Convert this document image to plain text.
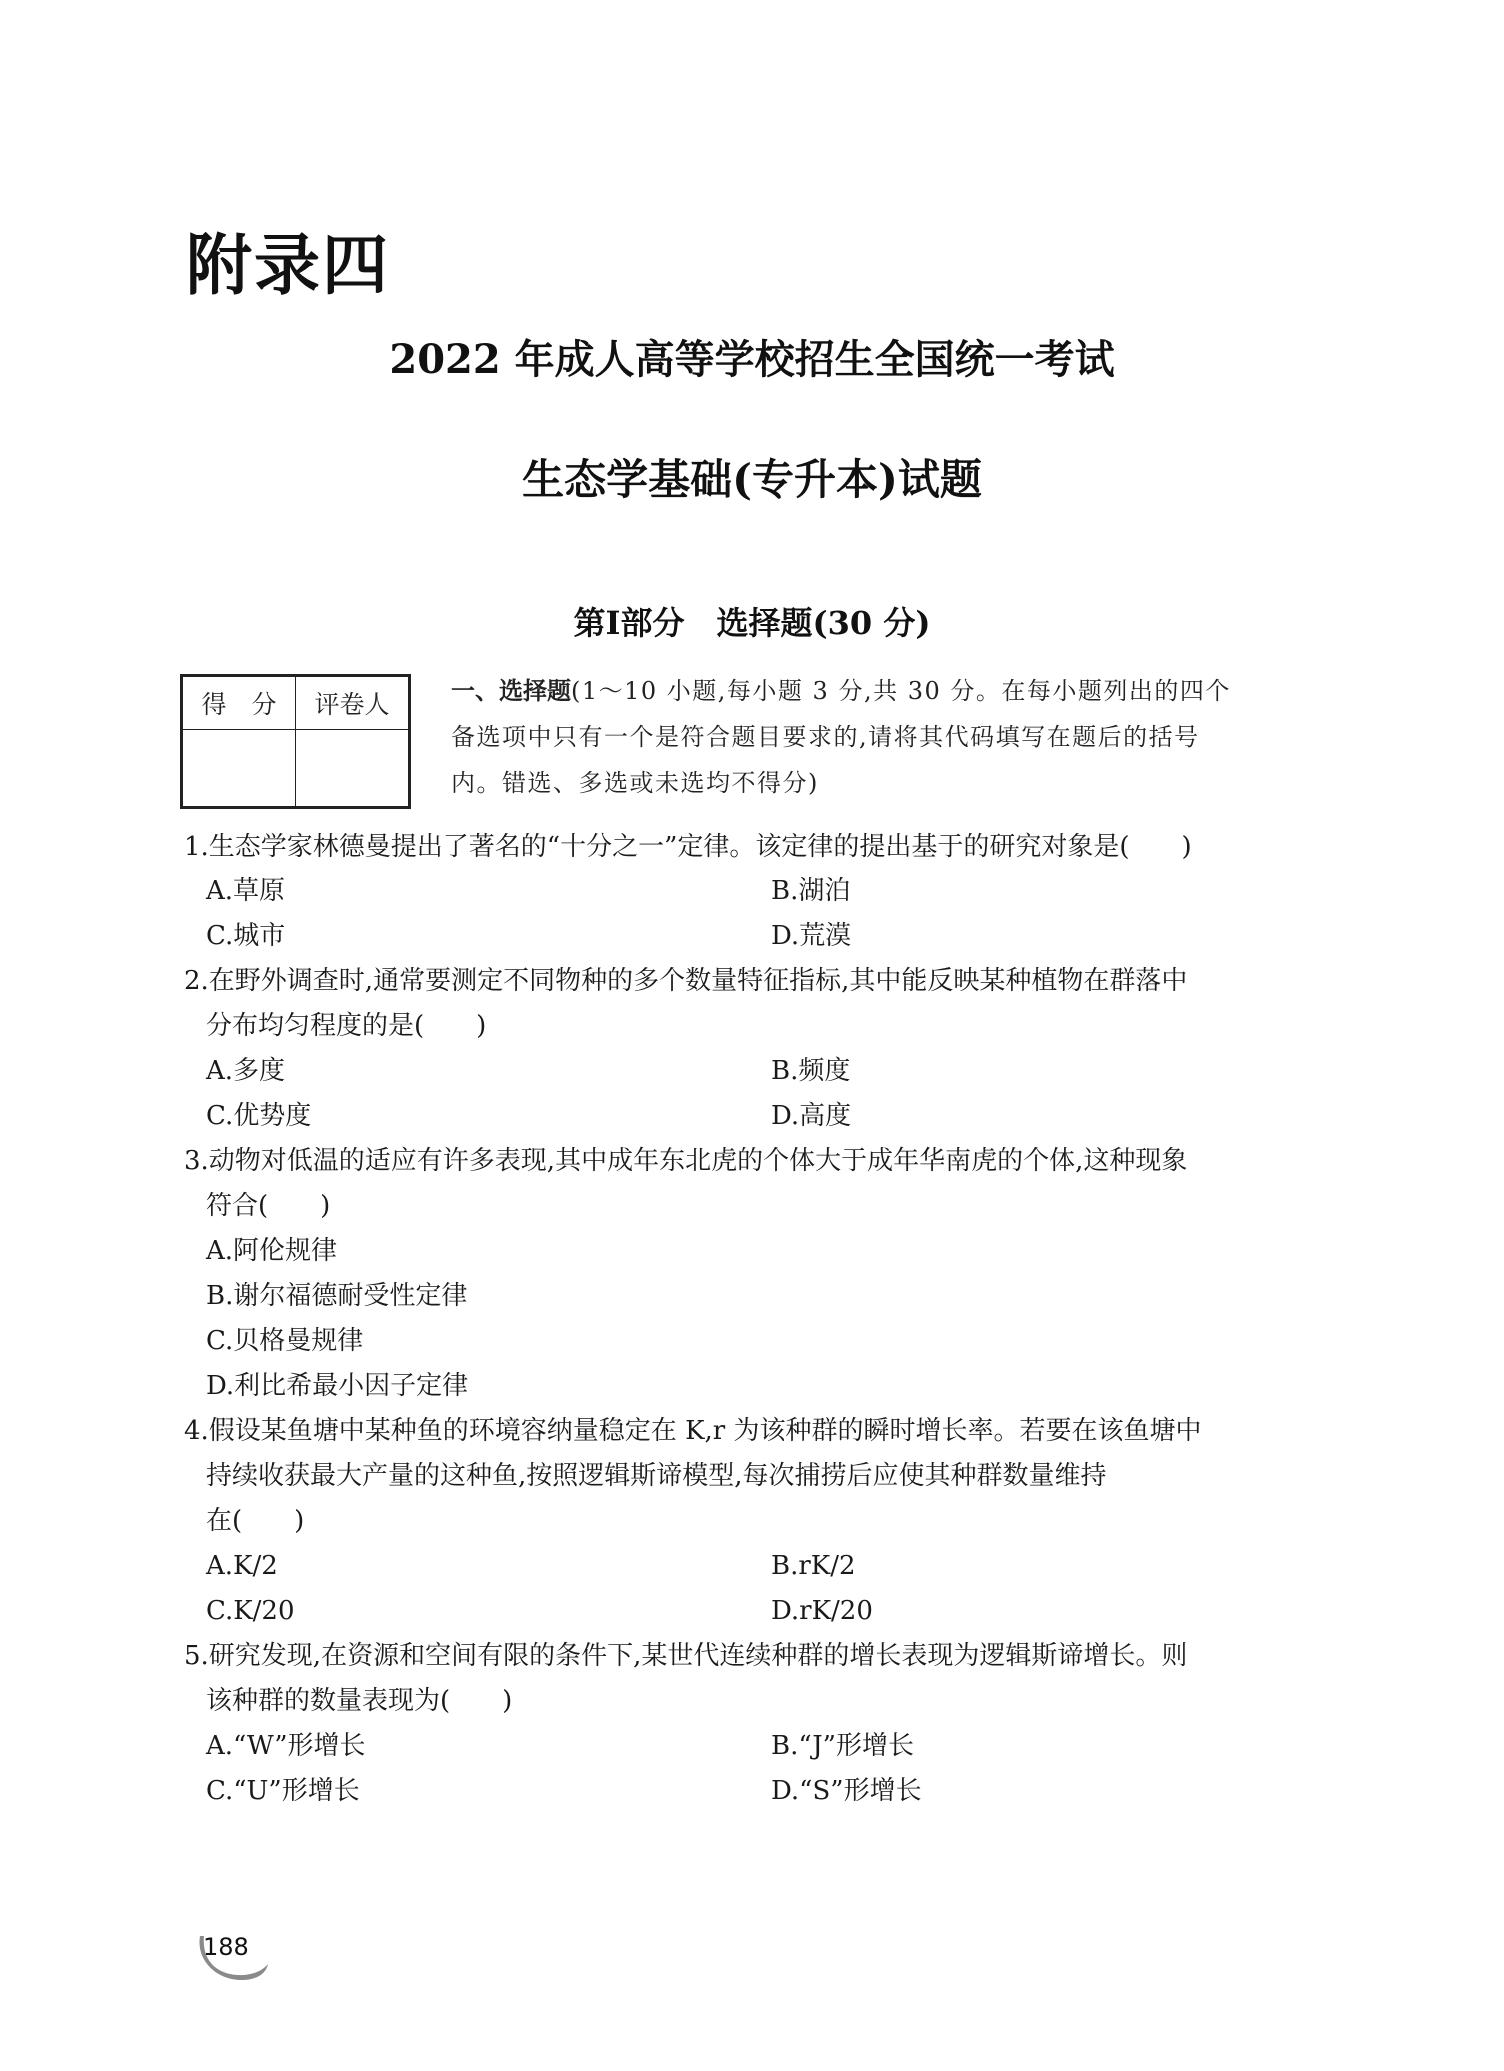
附录四
2022 年成人高等学校招生全国统一考试
生态学基础(专升本)试题
第Ⅰ部分　选择题(30 分)
得　分	评卷人
		一、选择题(1～10 小题,每小题 3 分,共 30 分。在每小题列出的四个
备选项中只有一个是符合题目要求的,请将其代码填写在题后的括号
内。错选、多选或未选均不得分)
1.生态学家林德曼提出了著名的“十分之一”定律。该定律的提出基于的研究对象是(　　)
A.草原	B.湖泊
C.城市	D.荒漠
2.在野外调查时,通常要测定不同物种的多个数量特征指标,其中能反映某种植物在群落中
分布均匀程度的是(　　)
A.多度	B.频度
C.优势度	D.高度
3.动物对低温的适应有许多表现,其中成年东北虎的个体大于成年华南虎的个体,这种现象
符合(　　)
A.阿伦规律
B.谢尔福德耐受性定律
C.贝格曼规律
D.利比希最小因子定律
4.假设某鱼塘中某种鱼的环境容纳量稳定在 K,r 为该种群的瞬时增长率。若要在该鱼塘中
持续收获最大产量的这种鱼,按照逻辑斯谛模型,每次捕捞后应使其种群数量维持
在(　　)
A.K/2	B.rK/2
C.K/20	D.rK/20
5.研究发现,在资源和空间有限的条件下,某世代连续种群的增长表现为逻辑斯谛增长。则
该种群的数量表现为(　　)
A.“W”形增长	B.“J”形增长
C.“U”形增长	D.“S”形增长
188
